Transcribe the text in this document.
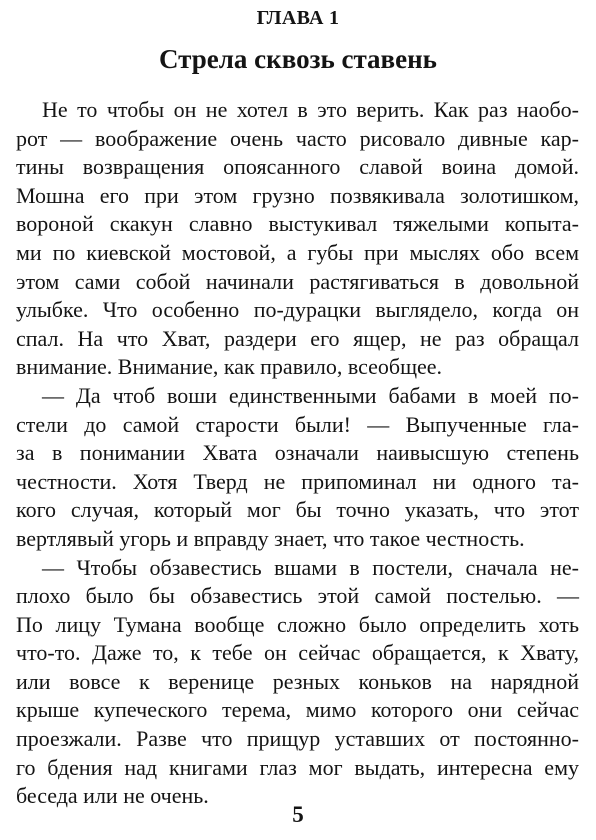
ГЛАВА 1
Стрела сквозь ставень
Не то чтобы он не хотел в это верить. Как раз наобо-
рот — воображение очень часто рисовало дивные кар-
тины возвращения опоясанного славой воина домой.
Мошна его при этом грузно позвякивала золотишком,
вороной скакун славно выстукивал тяжелыми копыта-
ми по киевской мостовой, а губы при мыслях обо всем
этом сами собой начинали растягиваться в довольной
улыбке. Что особенно по-дурацки выглядело, когда он
спал. На что Хват, раздери его ящер, не раз обращал
внимание. Внимание, как правило, всеобщее.
— Да чтоб воши единственными бабами в моей по-
стели до самой старости были! — Выпученные гла-
за в понимании Хвата означали наивысшую степень
честности. Хотя Тверд не припоминал ни одного та-
кого случая, который мог бы точно указать, что этот
вертлявый угорь и вправду знает, что такое честность.
— Чтобы обзавестись вшами в постели, сначала не-
плохо было бы обзавестись этой самой постелью. —
По лицу Тумана вообще сложно было определить хоть
что-то. Даже то, к тебе он сейчас обращается, к Хвату,
или вовсе к веренице резных коньков на нарядной
крыше купеческого терема, мимо которого они сейчас
проезжали. Разве что прищур уставших от постоянно-
го бдения над книгами глаз мог выдать, интересна ему
беседа или не очень.
5
